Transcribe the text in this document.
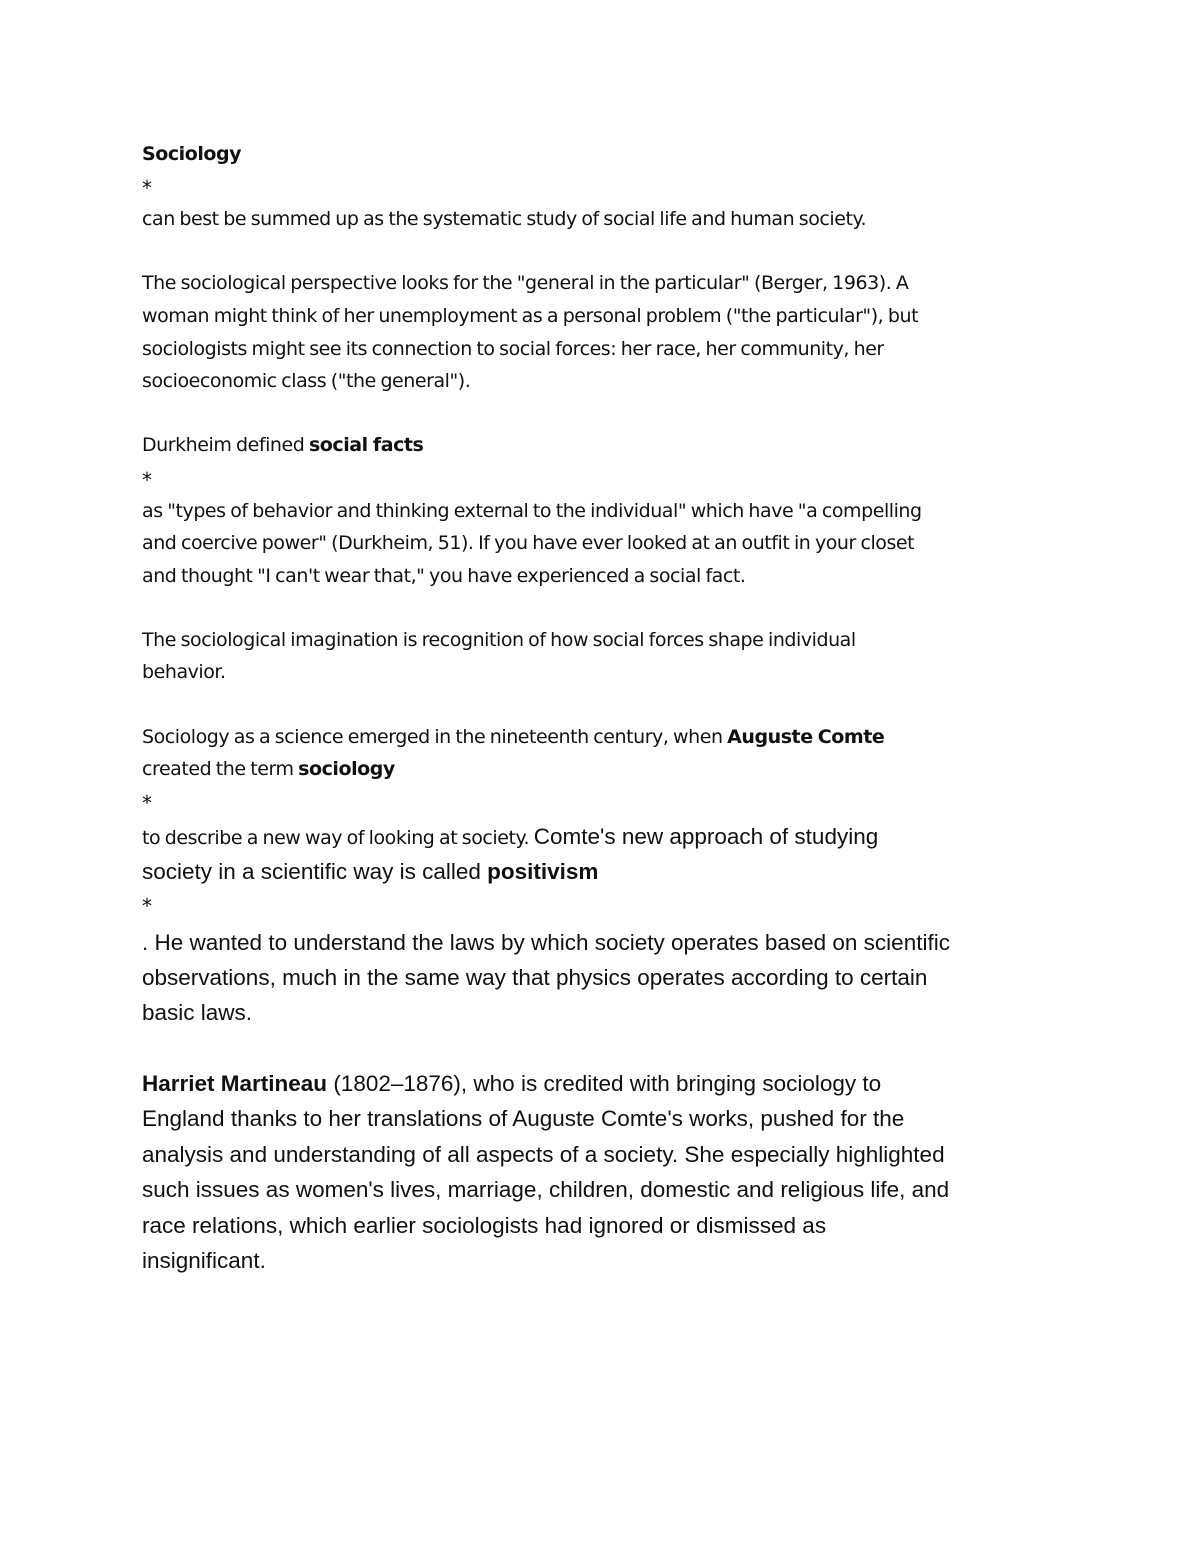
Sociology
*
can best be summed up as the systematic study of social life and human society.
The sociological perspective looks for the "general in the particular" (Berger, 1963). A
woman might think of her unemployment as a personal problem ("the particular"), but
sociologists might see its connection to social forces: her race, her community, her
socioeconomic class ("the general").
Durkheim defined social facts
*
as "types of behavior and thinking external to the individual" which have "a compelling
and coercive power" (Durkheim, 51). If you have ever looked at an outfit in your closet
and thought "I can't wear that," you have experienced a social fact.
The sociological imagination is recognition of how social forces shape individual
behavior.
Sociology as a science emerged in the nineteenth century, when Auguste Comte
created the term sociology
*
to describe a new way of looking at society. Comte's new approach of studying
society in a scientific way is called positivism
*
. He wanted to understand the laws by which society operates based on scientific
observations, much in the same way that physics operates according to certain
basic laws.
Harriet Martineau (1802–1876), who is credited with bringing sociology to
England thanks to her translations of Auguste Comte's works, pushed for the
analysis and understanding of all aspects of a society. She especially highlighted
such issues as women's lives, marriage, children, domestic and religious life, and
race relations, which earlier sociologists had ignored or dismissed as
insignificant.
